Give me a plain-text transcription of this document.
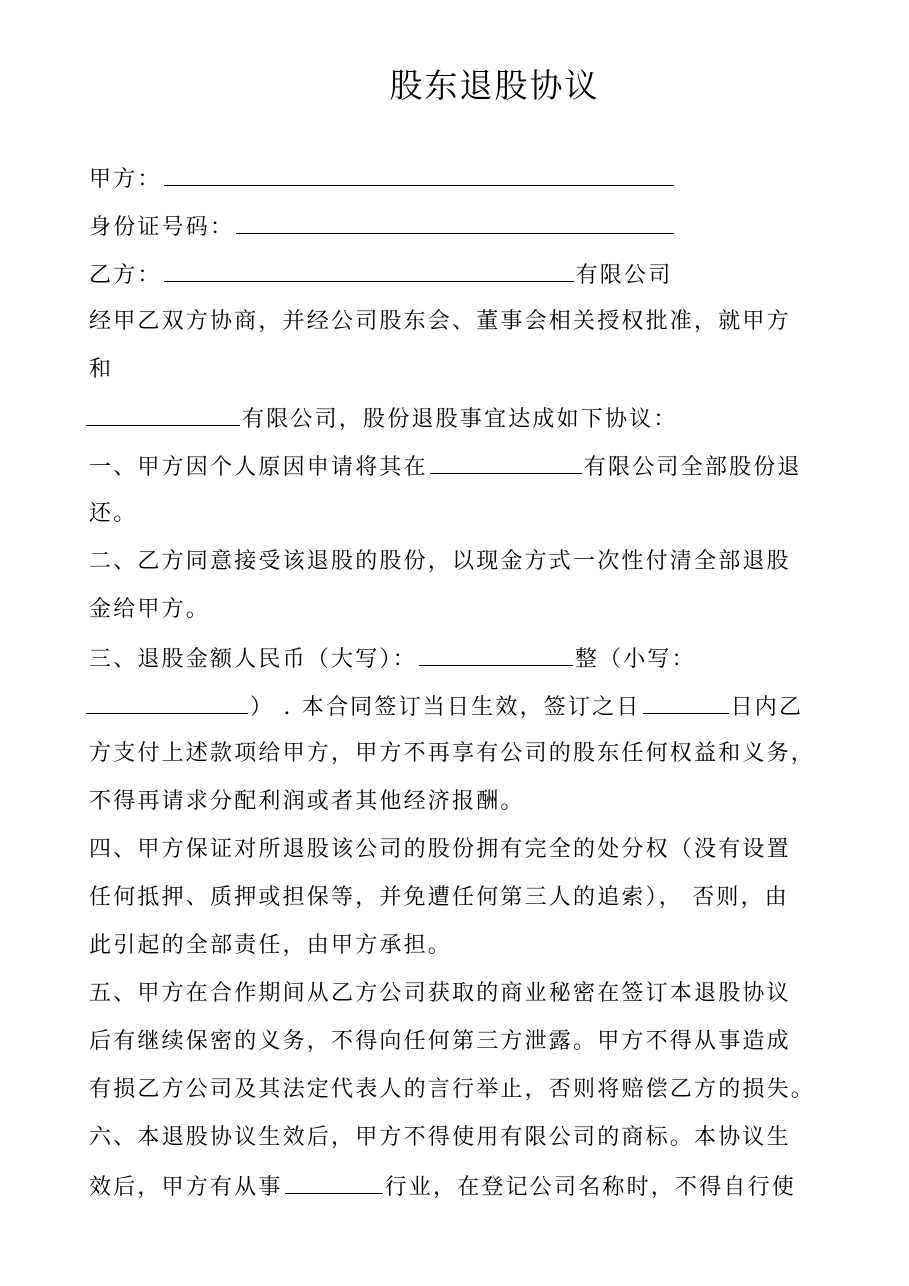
股东退股协议
甲方：
身份证号码：
乙方：	有限公司
经甲乙双方协商，并经公司股东会、董事会相关授权批准，就甲方
和
有限公司，股份退股事宜达成如下协议：
一、甲方因个人原因申请将其在	有限公司全部股份退
还。
二、乙方同意接受该退股的股份，以现金方式一次性付清全部退股
金给甲方。
三、退股金额人民币（大写）：	整（小写：
） . 本合同签订当日生效，签订之日	日内乙
方支付上述款项给甲方，甲方不再享有公司的股东任何权益和义务，
不得再请求分配利润或者其他经济报酬。
四、甲方保证对所退股该公司的股份拥有完全的处分权（没有设置
任何抵押、质押或担保等，并免遭任何第三人的追索）， 否则，由
此引起的全部责任，由甲方承担。
五、甲方在合作期间从乙方公司获取的商业秘密在签订本退股协议
后有继续保密的义务，不得向任何第三方泄露。甲方不得从事造成
有损乙方公司及其法定代表人的言行举止，否则将赔偿乙方的损失。
六、本退股协议生效后，甲方不得使用有限公司的商标。本协议生
效后，甲方有从事	行业，在登记公司名称时，不得自行使
